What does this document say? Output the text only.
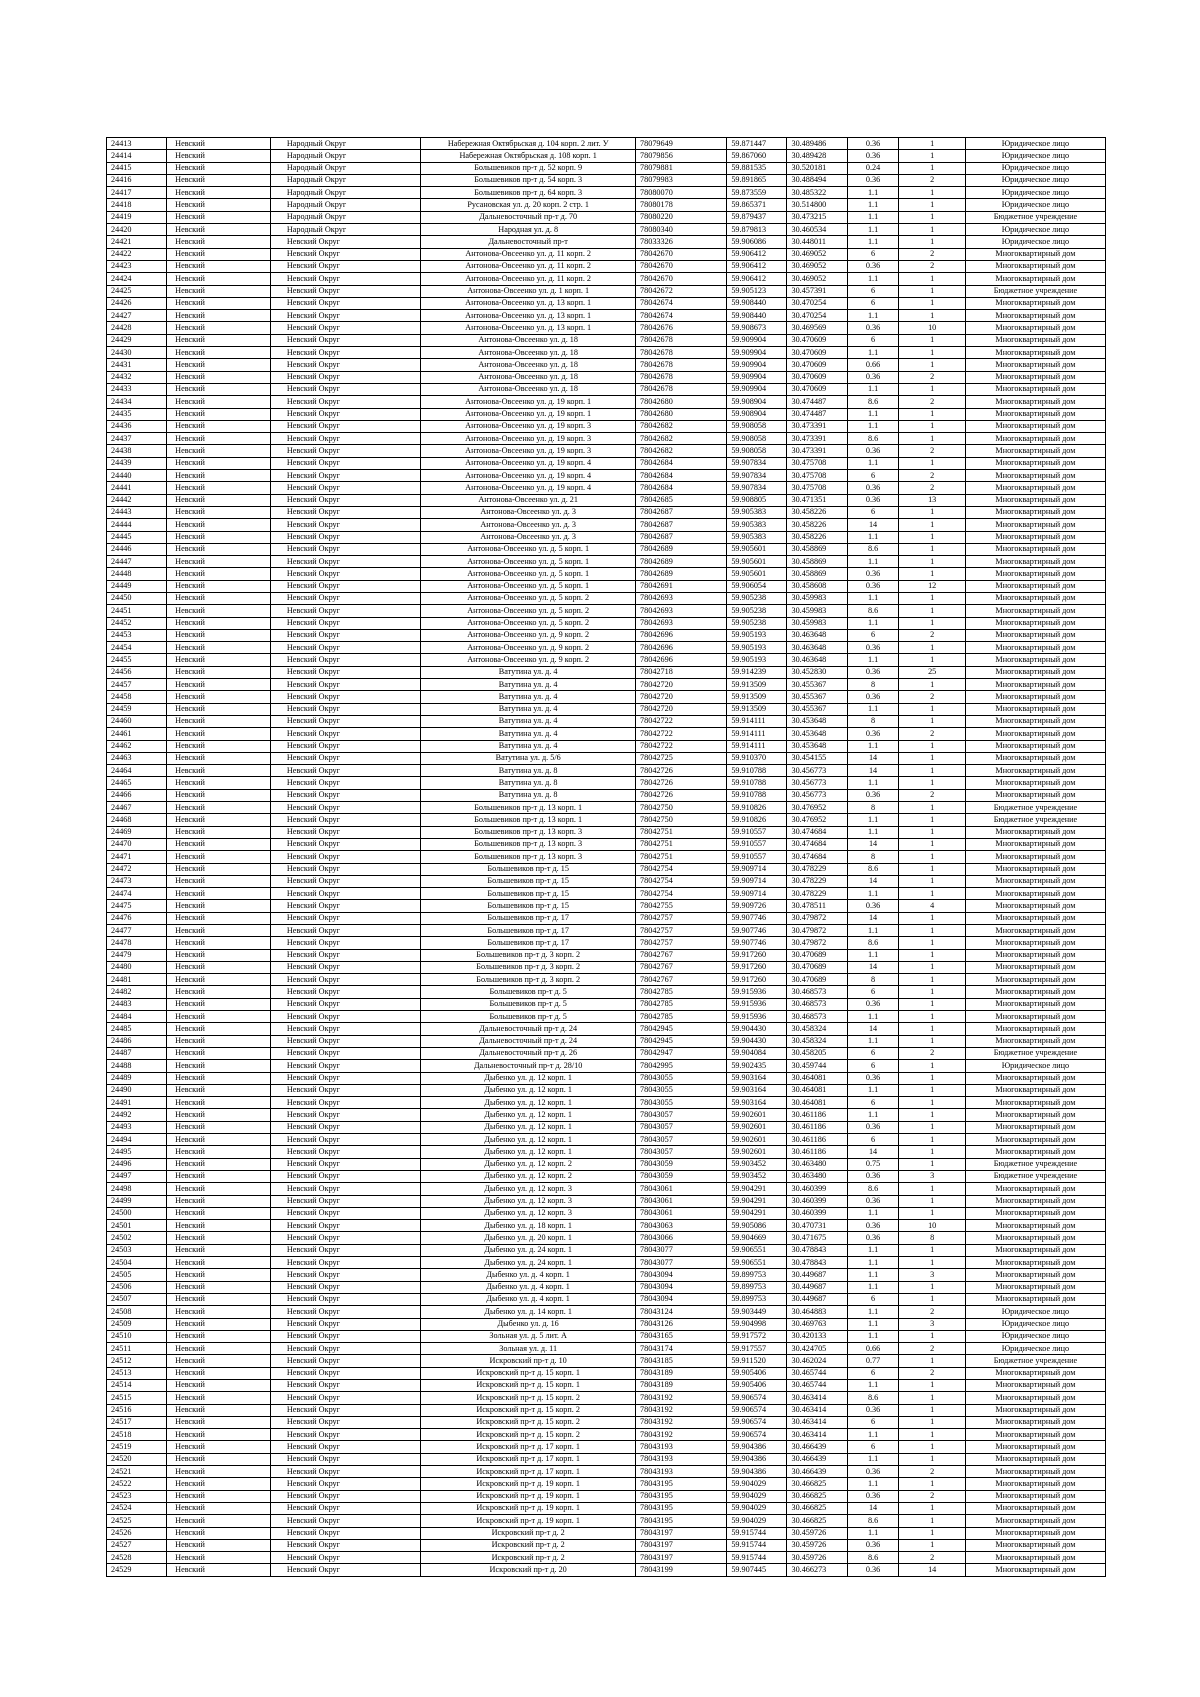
24413	Невский	Народный Округ	Набережная Октябрьская д. 104 корп. 2 лит. У	78079649	59.871447	30.489486	0.36	1	Юридическое лицо
24414	Невский	Народный Округ	Набережная Октябрьская д. 108 корп. 1	78079856	59.867060	30.489428	0.36	1	Юридическое лицо
24415	Невский	Народный Округ	Большевиков пр-т д. 52 корп. 9	78079881	59.881535	30.520181	0.24	1	Юридическое лицо
24416	Невский	Народный Округ	Большевиков пр-т д. 54 корп. 3	78079983	59.891865	30.488494	0.36	2	Юридическое лицо
24417	Невский	Народный Округ	Большевиков пр-т д. 64 корп. 3	78080070	59.873559	30.485322	1.1	1	Юридическое лицо
24418	Невский	Народный Округ	Русановская ул. д. 20 корп. 2 стр. 1	78080178	59.865371	30.514800	1.1	1	Юридическое лицо
24419	Невский	Народный Округ	Дальневосточный пр-т д. 70	78080220	59.879437	30.473215	1.1	1	Бюджетное учреждение
24420	Невский	Народный Округ	Народная ул. д. 8	78080340	59.879813	30.460534	1.1	1	Юридическое лицо
24421	Невский	Невский Округ	Дальневосточный пр-т	78033326	59.906086	30.448011	1.1	1	Юридическое лицо
24422	Невский	Невский Округ	Антонова-Овсеенко ул. д. 11 корп. 2	78042670	59.906412	30.469052	6	2	Многоквартирный дом
24423	Невский	Невский Округ	Антонова-Овсеенко ул. д. 11 корп. 2	78042670	59.906412	30.469052	0.36	2	Многоквартирный дом
24424	Невский	Невский Округ	Антонова-Овсеенко ул. д. 11 корп. 2	78042670	59.906412	30.469052	1.1	1	Многоквартирный дом
24425	Невский	Невский Округ	Антонова-Овсеенко ул. д. 1 корп. 1	78042672	59.905123	30.457391	6	1	Бюджетное учреждение
24426	Невский	Невский Округ	Антонова-Овсеенко ул. д. 13 корп. 1	78042674	59.908440	30.470254	6	1	Многоквартирный дом
24427	Невский	Невский Округ	Антонова-Овсеенко ул. д. 13 корп. 1	78042674	59.908440	30.470254	1.1	1	Многоквартирный дом
24428	Невский	Невский Округ	Антонова-Овсеенко ул. д. 13 корп. 1	78042676	59.908673	30.469569	0.36	10	Многоквартирный дом
24429	Невский	Невский Округ	Антонова-Овсеенко ул. д. 18	78042678	59.909904	30.470609	6	1	Многоквартирный дом
24430	Невский	Невский Округ	Антонова-Овсеенко ул. д. 18	78042678	59.909904	30.470609	1.1	1	Многоквартирный дом
24431	Невский	Невский Округ	Антонова-Овсеенко ул. д. 18	78042678	59.909904	30.470609	0.66	1	Многоквартирный дом
24432	Невский	Невский Округ	Антонова-Овсеенко ул. д. 18	78042678	59.909904	30.470609	0.36	2	Многоквартирный дом
24433	Невский	Невский Округ	Антонова-Овсеенко ул. д. 18	78042678	59.909904	30.470609	1.1	1	Многоквартирный дом
24434	Невский	Невский Округ	Антонова-Овсеенко ул. д. 19 корп. 1	78042680	59.908904	30.474487	8.6	2	Многоквартирный дом
24435	Невский	Невский Округ	Антонова-Овсеенко ул. д. 19 корп. 1	78042680	59.908904	30.474487	1.1	1	Многоквартирный дом
24436	Невский	Невский Округ	Антонова-Овсеенко ул. д. 19 корп. 3	78042682	59.908058	30.473391	1.1	1	Многоквартирный дом
24437	Невский	Невский Округ	Антонова-Овсеенко ул. д. 19 корп. 3	78042682	59.908058	30.473391	8.6	1	Многоквартирный дом
24438	Невский	Невский Округ	Антонова-Овсеенко ул. д. 19 корп. 3	78042682	59.908058	30.473391	0.36	2	Многоквартирный дом
24439	Невский	Невский Округ	Антонова-Овсеенко ул. д. 19 корп. 4	78042684	59.907834	30.475708	1.1	1	Многоквартирный дом
24440	Невский	Невский Округ	Антонова-Овсеенко ул. д. 19 корп. 4	78042684	59.907834	30.475708	6	2	Многоквартирный дом
24441	Невский	Невский Округ	Антонова-Овсеенко ул. д. 19 корп. 4	78042684	59.907834	30.475708	0.36	2	Многоквартирный дом
24442	Невский	Невский Округ	Антонова-Овсеенко ул. д. 21	78042685	59.908805	30.471351	0.36	13	Многоквартирный дом
24443	Невский	Невский Округ	Антонова-Овсеенко ул. д. 3	78042687	59.905383	30.458226	6	1	Многоквартирный дом
24444	Невский	Невский Округ	Антонова-Овсеенко ул. д. 3	78042687	59.905383	30.458226	14	1	Многоквартирный дом
24445	Невский	Невский Округ	Антонова-Овсеенко ул. д. 3	78042687	59.905383	30.458226	1.1	1	Многоквартирный дом
24446	Невский	Невский Округ	Антонова-Овсеенко ул. д. 5 корп. 1	78042689	59.905601	30.458869	8.6	1	Многоквартирный дом
24447	Невский	Невский Округ	Антонова-Овсеенко ул. д. 5 корп. 1	78042689	59.905601	30.458869	1.1	1	Многоквартирный дом
24448	Невский	Невский Округ	Антонова-Овсеенко ул. д. 5 корп. 1	78042689	59.905601	30.458869	0.36	1	Многоквартирный дом
24449	Невский	Невский Округ	Антонова-Овсеенко ул. д. 5 корп. 1	78042691	59.906054	30.458608	0.36	12	Многоквартирный дом
24450	Невский	Невский Округ	Антонова-Овсеенко ул. д. 5 корп. 2	78042693	59.905238	30.459983	1.1	1	Многоквартирный дом
24451	Невский	Невский Округ	Антонова-Овсеенко ул. д. 5 корп. 2	78042693	59.905238	30.459983	8.6	1	Многоквартирный дом
24452	Невский	Невский Округ	Антонова-Овсеенко ул. д. 5 корп. 2	78042693	59.905238	30.459983	1.1	1	Многоквартирный дом
24453	Невский	Невский Округ	Антонова-Овсеенко ул. д. 9 корп. 2	78042696	59.905193	30.463648	6	2	Многоквартирный дом
24454	Невский	Невский Округ	Антонова-Овсеенко ул. д. 9 корп. 2	78042696	59.905193	30.463648	0.36	1	Многоквартирный дом
24455	Невский	Невский Округ	Антонова-Овсеенко ул. д. 9 корп. 2	78042696	59.905193	30.463648	1.1	1	Многоквартирный дом
24456	Невский	Невский Округ	Ватутина ул. д. 4	78042718	59.914239	30.452830	0.36	25	Многоквартирный дом
24457	Невский	Невский Округ	Ватутина ул. д. 4	78042720	59.913509	30.455367	8	1	Многоквартирный дом
24458	Невский	Невский Округ	Ватутина ул. д. 4	78042720	59.913509	30.455367	0.36	2	Многоквартирный дом
24459	Невский	Невский Округ	Ватутина ул. д. 4	78042720	59.913509	30.455367	1.1	1	Многоквартирный дом
24460	Невский	Невский Округ	Ватутина ул. д. 4	78042722	59.914111	30.453648	8	1	Многоквартирный дом
24461	Невский	Невский Округ	Ватутина ул. д. 4	78042722	59.914111	30.453648	0.36	2	Многоквартирный дом
24462	Невский	Невский Округ	Ватутина ул. д. 4	78042722	59.914111	30.453648	1.1	1	Многоквартирный дом
24463	Невский	Невский Округ	Ватутина ул. д. 5/6	78042725	59.910370	30.454155	14	1	Многоквартирный дом
24464	Невский	Невский Округ	Ватутина ул. д. 8	78042726	59.910788	30.456773	14	1	Многоквартирный дом
24465	Невский	Невский Округ	Ватутина ул. д. 8	78042726	59.910788	30.456773	1.1	1	Многоквартирный дом
24466	Невский	Невский Округ	Ватутина ул. д. 8	78042726	59.910788	30.456773	0.36	2	Многоквартирный дом
24467	Невский	Невский Округ	Большевиков пр-т д. 13 корп. 1	78042750	59.910826	30.476952	8	1	Бюджетное учреждение
24468	Невский	Невский Округ	Большевиков пр-т д. 13 корп. 1	78042750	59.910826	30.476952	1.1	1	Бюджетное учреждение
24469	Невский	Невский Округ	Большевиков пр-т д. 13 корп. 3	78042751	59.910557	30.474684	1.1	1	Многоквартирный дом
24470	Невский	Невский Округ	Большевиков пр-т д. 13 корп. 3	78042751	59.910557	30.474684	14	1	Многоквартирный дом
24471	Невский	Невский Округ	Большевиков пр-т д. 13 корп. 3	78042751	59.910557	30.474684	8	1	Многоквартирный дом
24472	Невский	Невский Округ	Большевиков пр-т д. 15	78042754	59.909714	30.478229	8.6	1	Многоквартирный дом
24473	Невский	Невский Округ	Большевиков пр-т д. 15	78042754	59.909714	30.478229	14	1	Многоквартирный дом
24474	Невский	Невский Округ	Большевиков пр-т д. 15	78042754	59.909714	30.478229	1.1	1	Многоквартирный дом
24475	Невский	Невский Округ	Большевиков пр-т д. 15	78042755	59.909726	30.478511	0.36	4	Многоквартирный дом
24476	Невский	Невский Округ	Большевиков пр-т д. 17	78042757	59.907746	30.479872	14	1	Многоквартирный дом
24477	Невский	Невский Округ	Большевиков пр-т д. 17	78042757	59.907746	30.479872	1.1	1	Многоквартирный дом
24478	Невский	Невский Округ	Большевиков пр-т д. 17	78042757	59.907746	30.479872	8.6	1	Многоквартирный дом
24479	Невский	Невский Округ	Большевиков пр-т д. 3 корп. 2	78042767	59.917260	30.470689	1.1	1	Многоквартирный дом
24480	Невский	Невский Округ	Большевиков пр-т д. 3 корп. 2	78042767	59.917260	30.470689	14	1	Многоквартирный дом
24481	Невский	Невский Округ	Большевиков пр-т д. 3 корп. 2	78042767	59.917260	30.470689	8	1	Многоквартирный дом
24482	Невский	Невский Округ	Большевиков пр-т д. 5	78042785	59.915936	30.468573	6	1	Многоквартирный дом
24483	Невский	Невский Округ	Большевиков пр-т д. 5	78042785	59.915936	30.468573	0.36	1	Многоквартирный дом
24484	Невский	Невский Округ	Большевиков пр-т д. 5	78042785	59.915936	30.468573	1.1	1	Многоквартирный дом
24485	Невский	Невский Округ	Дальневосточный пр-т д. 24	78042945	59.904430	30.458324	14	1	Многоквартирный дом
24486	Невский	Невский Округ	Дальневосточный пр-т д. 24	78042945	59.904430	30.458324	1.1	1	Многоквартирный дом
24487	Невский	Невский Округ	Дальневосточный пр-т д. 26	78042947	59.904084	30.458205	6	2	Бюджетное учреждение
24488	Невский	Невский Округ	Дальневосточный пр-т д. 28/10	78042995	59.902435	30.459744	6	1	Юридическое лицо
24489	Невский	Невский Округ	Дыбенко ул. д. 12 корп. 1	78043055	59.903164	30.464081	0.36	1	Многоквартирный дом
24490	Невский	Невский Округ	Дыбенко ул. д. 12 корп. 1	78043055	59.903164	30.464081	1.1	1	Многоквартирный дом
24491	Невский	Невский Округ	Дыбенко ул. д. 12 корп. 1	78043055	59.903164	30.464081	6	1	Многоквартирный дом
24492	Невский	Невский Округ	Дыбенко ул. д. 12 корп. 1	78043057	59.902601	30.461186	1.1	1	Многоквартирный дом
24493	Невский	Невский Округ	Дыбенко ул. д. 12 корп. 1	78043057	59.902601	30.461186	0.36	1	Многоквартирный дом
24494	Невский	Невский Округ	Дыбенко ул. д. 12 корп. 1	78043057	59.902601	30.461186	6	1	Многоквартирный дом
24495	Невский	Невский Округ	Дыбенко ул. д. 12 корп. 1	78043057	59.902601	30.461186	14	1	Многоквартирный дом
24496	Невский	Невский Округ	Дыбенко ул. д. 12 корп. 2	78043059	59.903452	30.463480	0.75	1	Бюджетное учреждение
24497	Невский	Невский Округ	Дыбенко ул. д. 12 корп. 2	78043059	59.903452	30.463480	0.36	3	Бюджетное учреждение
24498	Невский	Невский Округ	Дыбенко ул. д. 12 корп. 3	78043061	59.904291	30.460399	8.6	1	Многоквартирный дом
24499	Невский	Невский Округ	Дыбенко ул. д. 12 корп. 3	78043061	59.904291	30.460399	0.36	1	Многоквартирный дом
24500	Невский	Невский Округ	Дыбенко ул. д. 12 корп. 3	78043061	59.904291	30.460399	1.1	1	Многоквартирный дом
24501	Невский	Невский Округ	Дыбенко ул. д. 18 корп. 1	78043063	59.905086	30.470731	0.36	10	Многоквартирный дом
24502	Невский	Невский Округ	Дыбенко ул. д. 20 корп. 1	78043066	59.904669	30.471675	0.36	8	Многоквартирный дом
24503	Невский	Невский Округ	Дыбенко ул. д. 24 корп. 1	78043077	59.906551	30.478843	1.1	1	Многоквартирный дом
24504	Невский	Невский Округ	Дыбенко ул. д. 24 корп. 1	78043077	59.906551	30.478843	1.1	1	Многоквартирный дом
24505	Невский	Невский Округ	Дыбенко ул. д. 4 корп. 1	78043094	59.899753	30.449687	1.1	3	Многоквартирный дом
24506	Невский	Невский Округ	Дыбенко ул. д. 4 корп. 1	78043094	59.899753	30.449687	1.1	1	Многоквартирный дом
24507	Невский	Невский Округ	Дыбенко ул. д. 4 корп. 1	78043094	59.899753	30.449687	6	1	Многоквартирный дом
24508	Невский	Невский Округ	Дыбенко ул. д. 14 корп. 1	78043124	59.903449	30.464883	1.1	2	Юридическое лицо
24509	Невский	Невский Округ	Дыбенко ул. д. 16	78043126	59.904998	30.469763	1.1	3	Юридическое лицо
24510	Невский	Невский Округ	Зольная ул. д. 5 лит. А	78043165	59.917572	30.420133	1.1	1	Юридическое лицо
24511	Невский	Невский Округ	Зольная ул. д. 11	78043174	59.917557	30.424705	0.66	2	Юридическое лицо
24512	Невский	Невский Округ	Искровский пр-т д. 10	78043185	59.911520	30.462024	0.77	1	Бюджетное учреждение
24513	Невский	Невский Округ	Искровский пр-т д. 15 корп. 1	78043189	59.905406	30.465744	6	2	Многоквартирный дом
24514	Невский	Невский Округ	Искровский пр-т д. 15 корп. 1	78043189	59.905406	30.465744	1.1	1	Многоквартирный дом
24515	Невский	Невский Округ	Искровский пр-т д. 15 корп. 2	78043192	59.906574	30.463414	8.6	1	Многоквартирный дом
24516	Невский	Невский Округ	Искровский пр-т д. 15 корп. 2	78043192	59.906574	30.463414	0.36	1	Многоквартирный дом
24517	Невский	Невский Округ	Искровский пр-т д. 15 корп. 2	78043192	59.906574	30.463414	6	1	Многоквартирный дом
24518	Невский	Невский Округ	Искровский пр-т д. 15 корп. 2	78043192	59.906574	30.463414	1.1	1	Многоквартирный дом
24519	Невский	Невский Округ	Искровский пр-т д. 17 корп. 1	78043193	59.904386	30.466439	6	1	Многоквартирный дом
24520	Невский	Невский Округ	Искровский пр-т д. 17 корп. 1	78043193	59.904386	30.466439	1.1	1	Многоквартирный дом
24521	Невский	Невский Округ	Искровский пр-т д. 17 корп. 1	78043193	59.904386	30.466439	0.36	2	Многоквартирный дом
24522	Невский	Невский Округ	Искровский пр-т д. 19 корп. 1	78043195	59.904029	30.466825	1.1	1	Многоквартирный дом
24523	Невский	Невский Округ	Искровский пр-т д. 19 корп. 1	78043195	59.904029	30.466825	0.36	2	Многоквартирный дом
24524	Невский	Невский Округ	Искровский пр-т д. 19 корп. 1	78043195	59.904029	30.466825	14	1	Многоквартирный дом
24525	Невский	Невский Округ	Искровский пр-т д. 19 корп. 1	78043195	59.904029	30.466825	8.6	1	Многоквартирный дом
24526	Невский	Невский Округ	Искровский пр-т д. 2	78043197	59.915744	30.459726	1.1	1	Многоквартирный дом
24527	Невский	Невский Округ	Искровский пр-т д. 2	78043197	59.915744	30.459726	0.36	1	Многоквартирный дом
24528	Невский	Невский Округ	Искровский пр-т д. 2	78043197	59.915744	30.459726	8.6	2	Многоквартирный дом
24529	Невский	Невский Округ	Искровский пр-т д. 20	78043199	59.907445	30.466273	0.36	14	Многоквартирный дом
